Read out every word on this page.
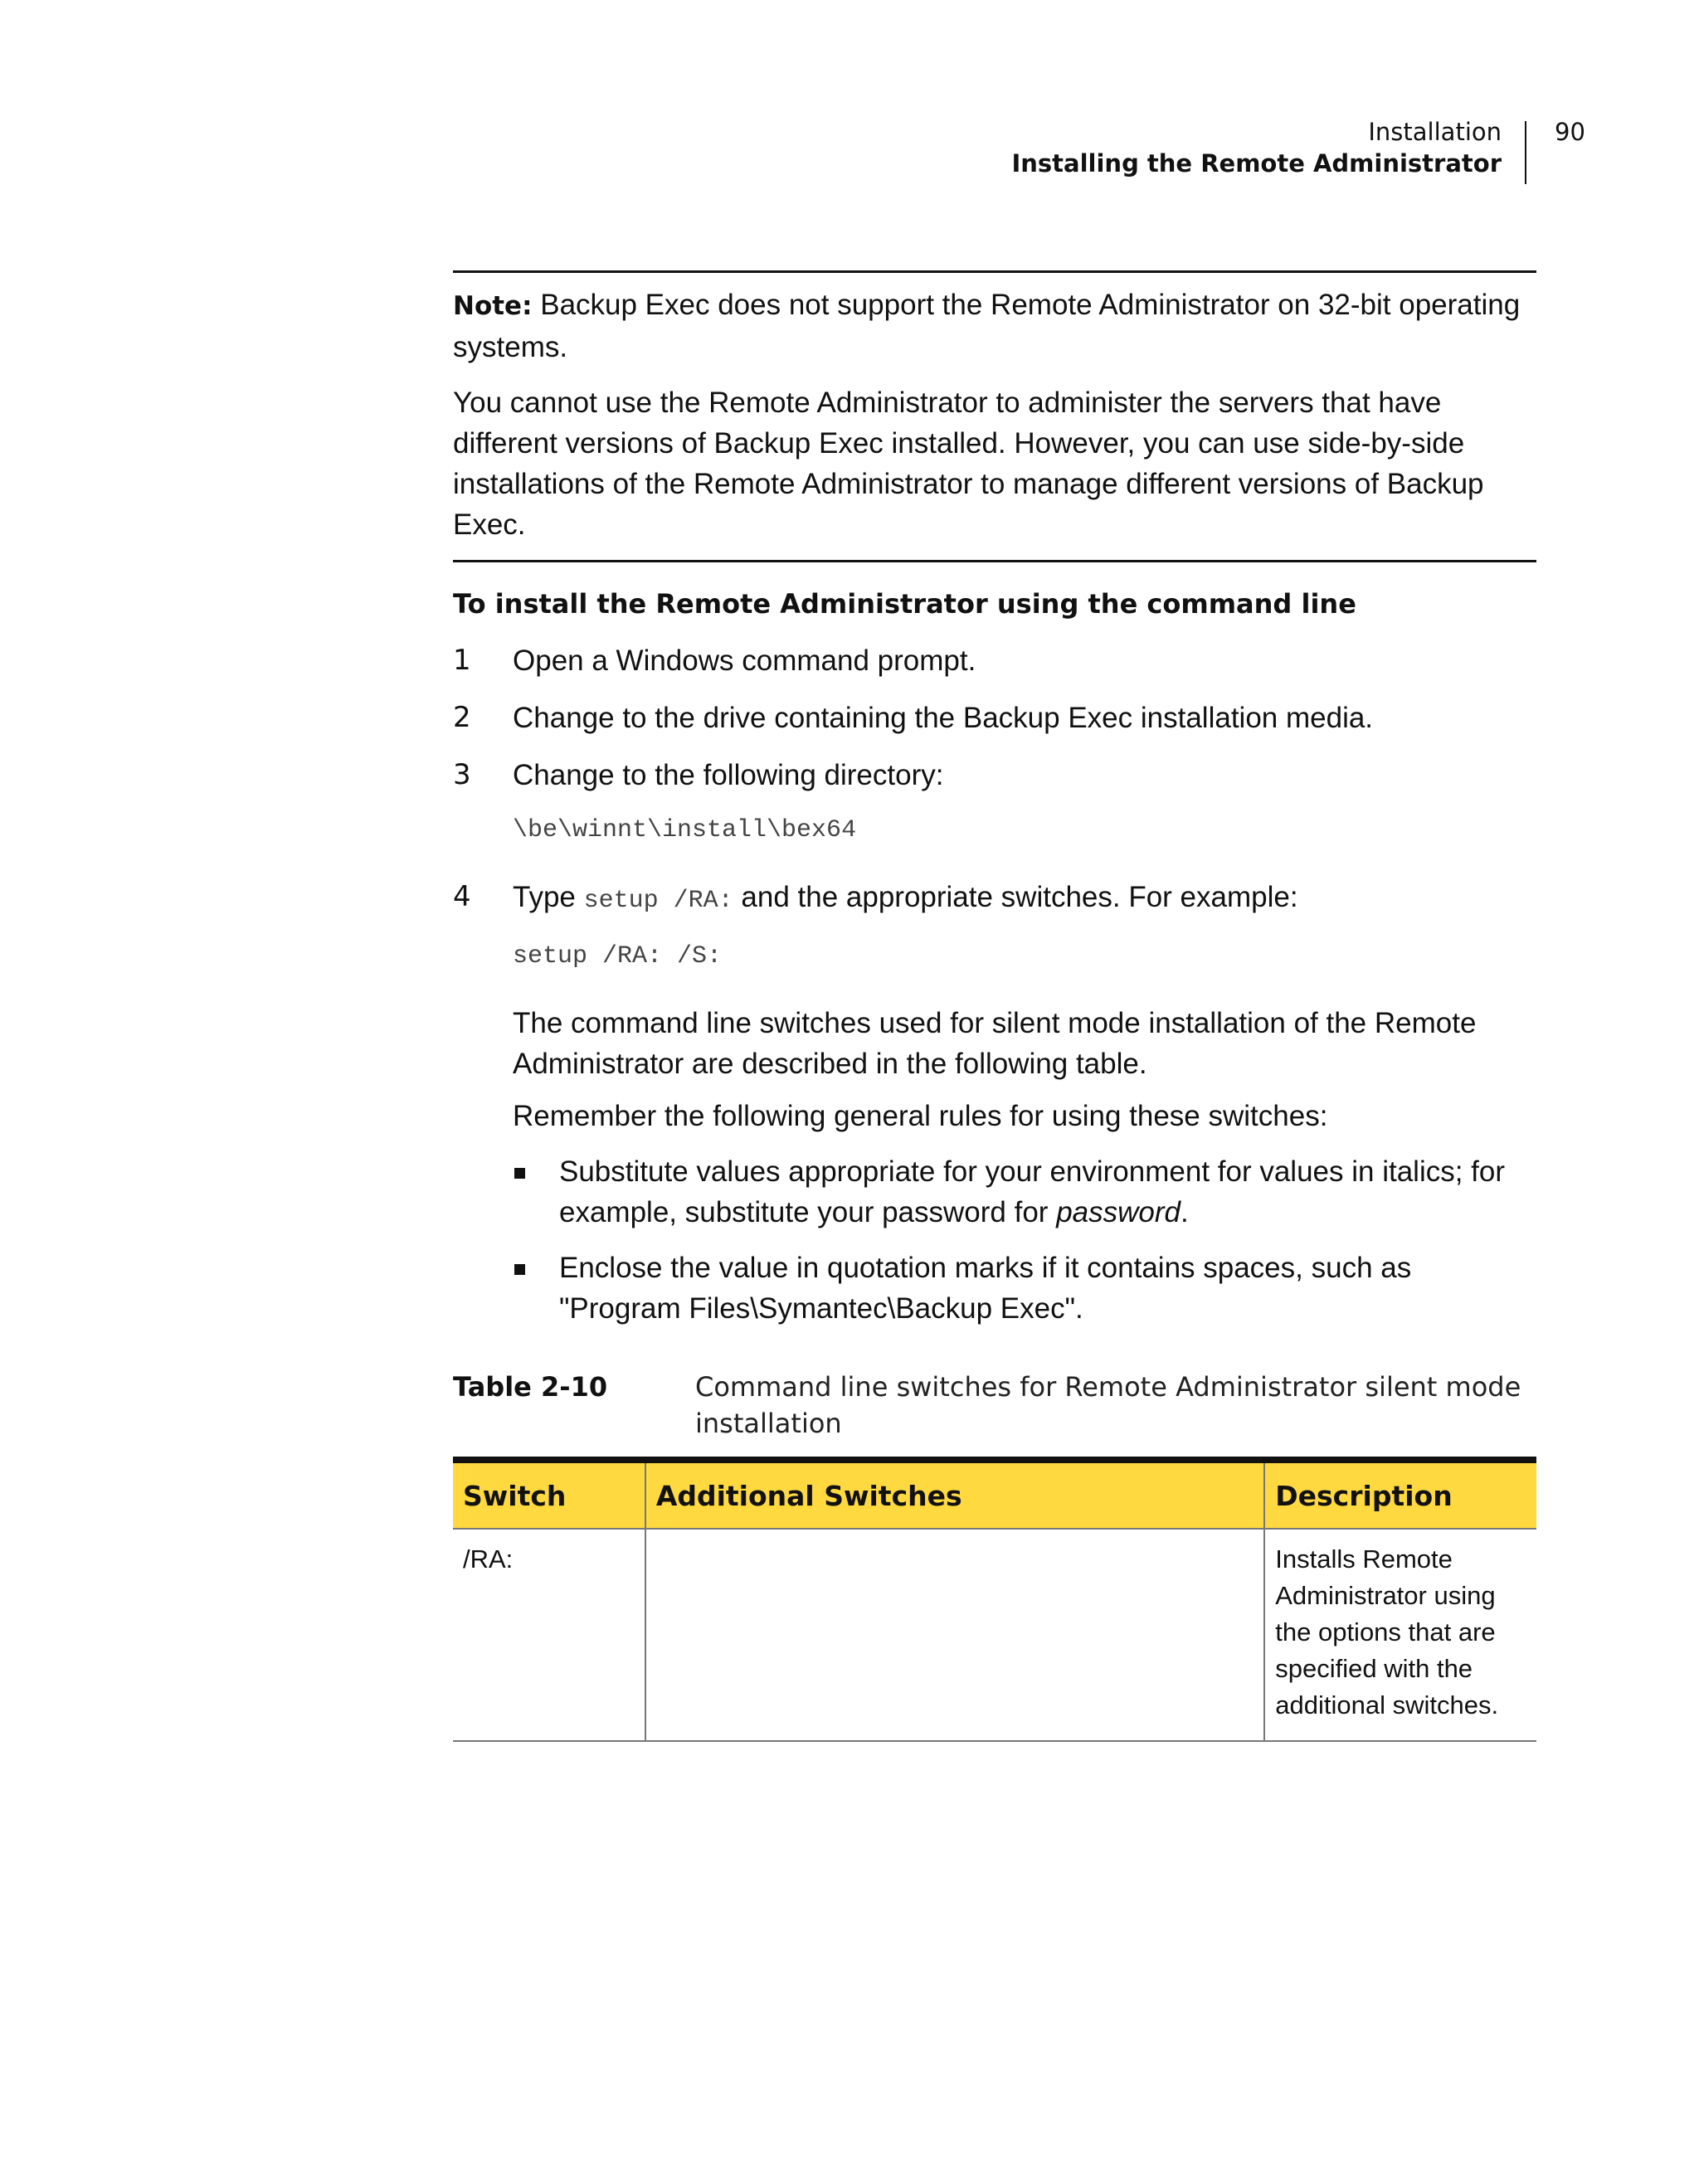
Installation
Installing the Remote Administrator
90

Note: Backup Exec does not support the Remote Administrator on 32-bit operating systems.

You cannot use the Remote Administrator to administer the servers that have different versions of Backup Exec installed. However, you can use side-by-side installations of the Remote Administrator to manage different versions of Backup Exec.

To install the Remote Administrator using the command line
1 Open a Windows command prompt.
2 Change to the drive containing the Backup Exec installation media.
3 Change to the following directory:
\be\winnt\install\bex64
4 Type setup /RA: and the appropriate switches. For example:
setup /RA: /S:

The command line switches used for silent mode installation of the Remote Administrator are described in the following table.

Remember the following general rules for using these switches:

Substitute values appropriate for your environment for values in italics; for example, substitute your password for password.
Enclose the value in quotation marks if it contains spaces, such as "Program Files\Symantec\Backup Exec".
Table 2-10	Command line switches for Remote Administrator silent mode installation
Switch	Additional Switches	Description
/RA:		Installs Remote Administrator using the options that are specified with the additional switches.
